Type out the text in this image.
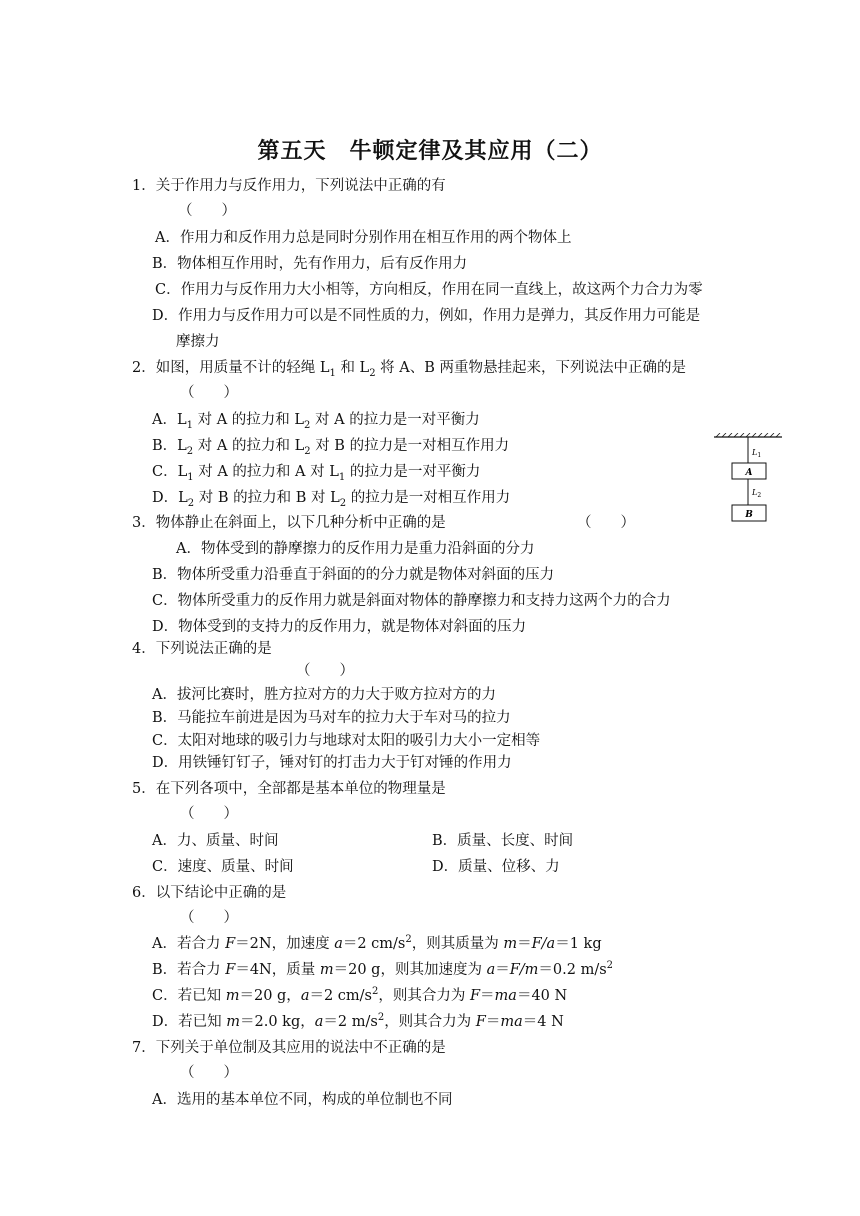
第五天　牛顿定律及其应用（二）
1．关于作用力与反作用力，下列说法中正确的有
（　　）
A．作用力和反作用力总是同时分别作用在相互作用的两个物体上
B．物体相互作用时，先有作用力，后有反作用力
C．作用力与反作用力大小相等，方向相反，作用在同一直线上，故这两个力合力为零
D．作用力与反作用力可以是不同性质的力，例如，作用力是弹力，其反作用力可能是
摩擦力
2．如图，用质量不计的轻绳 $L_1$ 和 $L_2$ 将 A、B 两重物悬挂起来，下列说法中正确的是
（　　）
A．$L_1$ 对 A 的拉力和 $L_2$ 对 A 的拉力是一对平衡力
B．$L_2$ 对 A 的拉力和 $L_2$ 对 B 的拉力是一对相互作用力
C．$L_1$ 对 A 的拉力和 A 对 $L_1$ 的拉力是一对平衡力
D．$L_2$ 对 B 的拉力和 B 对 $L_2$ 的拉力是一对相互作用力
$L_1$
A
$L_2$
B
3．物体静止在斜面上，以下几种分析中正确的是	（　　）
A．物体受到的静摩擦力的反作用力是重力沿斜面的分力
B．物体所受重力沿垂直于斜面的的分力就是物体对斜面的压力
C．物体所受重力的反作用力就是斜面对物体的静摩擦力和支持力这两个力的合力
D．物体受到的支持力的反作用力，就是物体对斜面的压力
4．下列说法正确的是
（　　）
A．拔河比赛时，胜方拉对方的力大于败方拉对方的力
B．马能拉车前进是因为马对车的拉力大于车对马的拉力
C．太阳对地球的吸引力与地球对太阳的吸引力大小一定相等
D．用铁锤钉钉子，锤对钉的打击力大于钉对锤的作用力
5．在下列各项中，全部都是基本单位的物理量是
（　　）
A．力、质量、时间	B．质量、长度、时间
C．速度、质量、时间	D．质量、位移、力
6．以下结论中正确的是
（　　）
A．若合力 F＝2N，加速度 a＝2 $cm/s^2$，则其质量为 m＝F/a＝1 kg
B．若合力 F＝4N，质量 m＝20 g，则其加速度为 a＝F/m＝0.2 $m/s^2$
C．若已知 m＝20 g，a＝2 $cm/s^2$，则其合力为 F＝ma＝40 N
D．若已知 m＝2.0 kg，a＝2 $m/s^2$，则其合力为 F＝ma＝4 N
7．下列关于单位制及其应用的说法中不正确的是
（　　）
A．选用的基本单位不同，构成的单位制也不同
